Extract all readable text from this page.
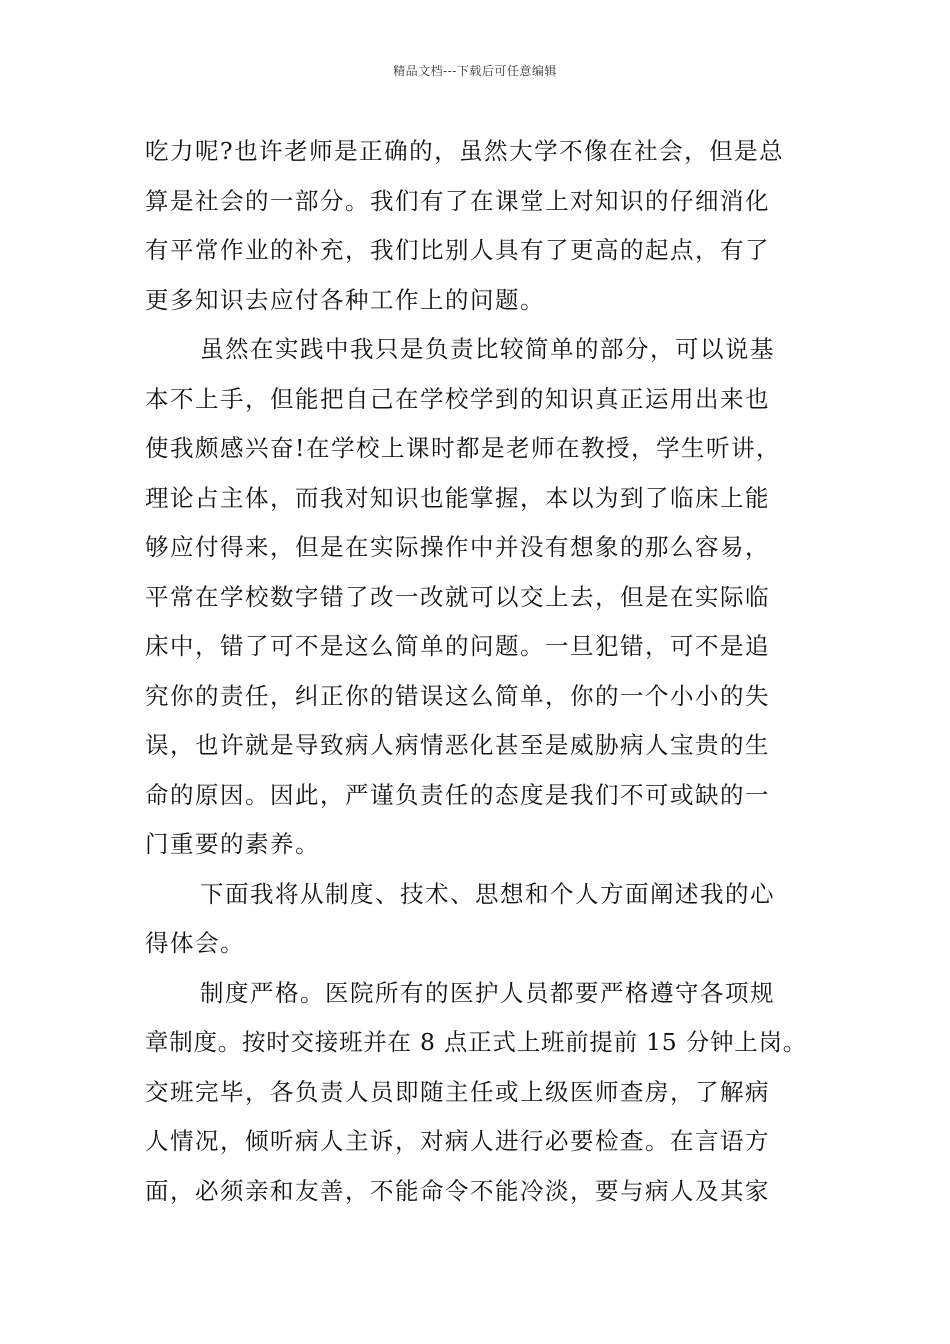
精品文档---下载后可任意编辑
吃力呢?也许老师是正确的，虽然大学不像在社会，但是总
算是社会的一部分。我们有了在课堂上对知识的仔细消化
有平常作业的补充，我们比别人具有了更高的起点，有了
更多知识去应付各种工作上的问题。
虽然在实践中我只是负责比较简单的部分，可以说基
本不上手，但能把自己在学校学到的知识真正运用出来也
使我颇感兴奋!在学校上课时都是老师在教授，学生听讲，
理论占主体，而我对知识也能掌握，本以为到了临床上能
够应付得来，但是在实际操作中并没有想象的那么容易，
平常在学校数字错了改一改就可以交上去，但是在实际临
床中，错了可不是这么简单的问题。一旦犯错，可不是追
究你的责任，纠正你的错误这么简单，你的一个小小的失
误，也许就是导致病人病情恶化甚至是威胁病人宝贵的生
命的原因。因此，严谨负责任的态度是我们不可或缺的一
门重要的素养。
下面我将从制度、技术、思想和个人方面阐述我的心
得体会。
制度严格。医院所有的医护人员都要严格遵守各项规
章制度。按时交接班并在 8 点正式上班前提前 15 分钟上岗。
交班完毕，各负责人员即随主任或上级医师查房，了解病
人情况，倾听病人主诉，对病人进行必要检查。在言语方
面，必须亲和友善，不能命令不能冷淡，要与病人及其家
